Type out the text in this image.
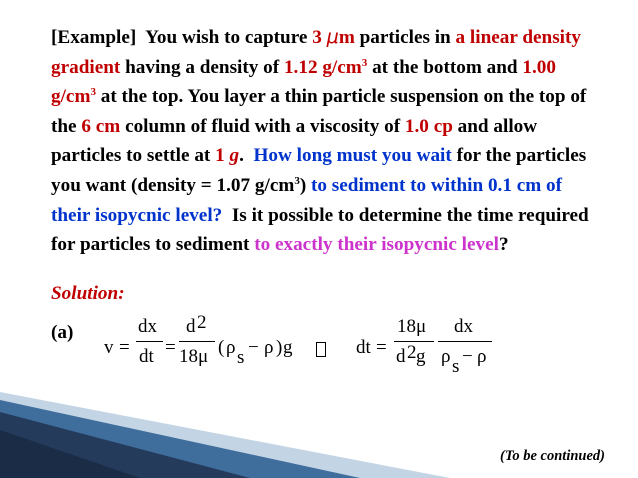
[Example] You wish to capture 3 μm particles in a linear density gradient having a density of 1.12 $g/cm^3$ at the bottom and 1.00 $g/cm^3$ at the top. You layer a thin particle suspension on the top of the 6 cm column of fluid with a viscosity of 1.0 cp and allow particles to settle at 1 g. How long must you wait for the particles you want (density = 1.07 $g/cm^3$) to sediment to within 0.1 cm of their isopycnic level? Is it possible to determine the time required for particles to sediment to exactly their isopycnic level?
Solution:
(a)
v =
dx
dt =
d 2
18 μ ( ρ s − ρ ) g	dt =
18 μ
d 2 g
dx
ρ s − ρ
(To be continued)
